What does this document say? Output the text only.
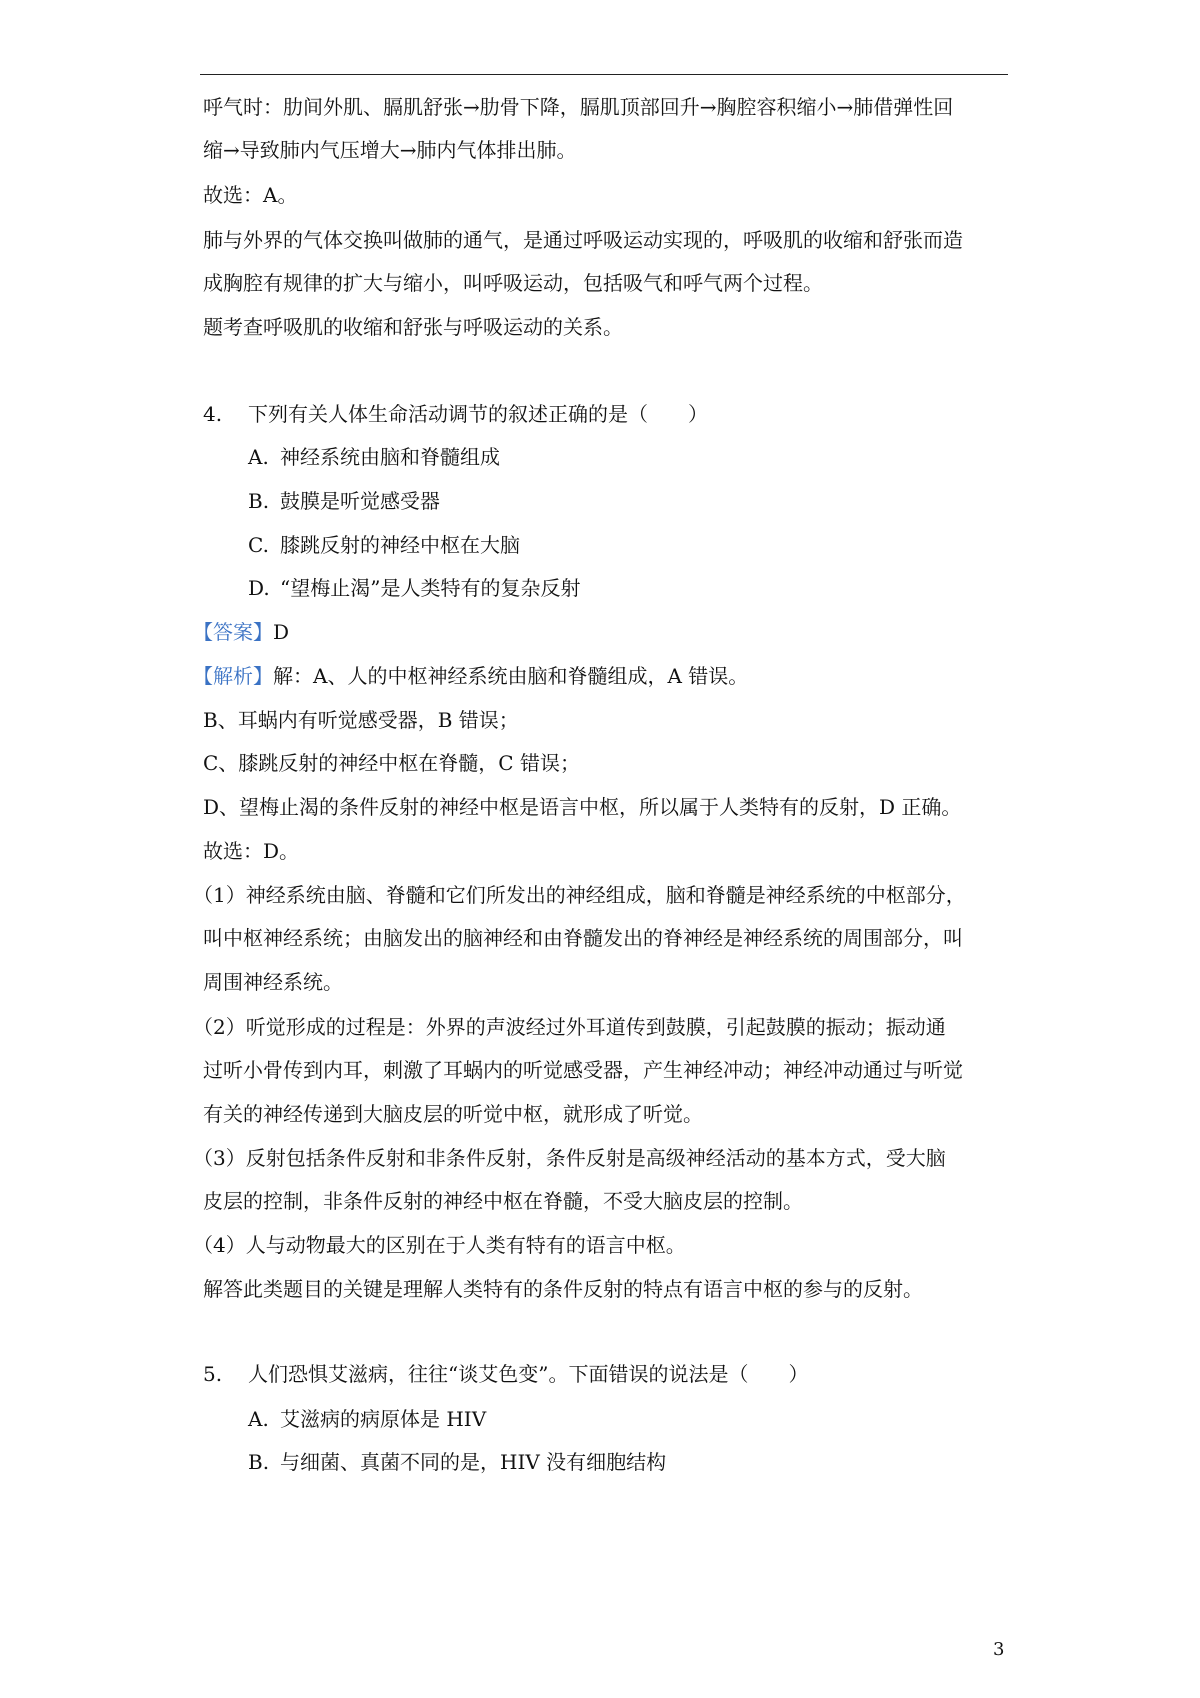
呼气时：肋间外肌、膈肌舒张→肋骨下降，膈肌顶部回升→胸腔容积缩小→肺借弹性回
缩→导致肺内气压增大→肺内气体排出肺。
故选：A。
肺与外界的气体交换叫做肺的通气，是通过呼吸运动实现的，呼吸肌的收缩和舒张而造
成胸腔有规律的扩大与缩小，叫呼吸运动，包括吸气和呼气两个过程。
题考查呼吸肌的收缩和舒张与呼吸运动的关系。
4. 下列有关人体生命活动调节的叙述正确的是（　　）
A. 神经系统由脑和脊髓组成
B. 鼓膜是听觉感受器
C. 膝跳反射的神经中枢在大脑
D. “望梅止渴”是人类特有的复杂反射
【答案】D
【解析】解：A、人的中枢神经系统由脑和脊髓组成，A 错误。
B、耳蜗内有听觉感受器，B 错误；
C、膝跳反射的神经中枢在脊髓，C 错误；
D、望梅止渴的条件反射的神经中枢是语言中枢，所以属于人类特有的反射，D 正确。
故选：D。
（1）神经系统由脑、脊髓和它们所发出的神经组成，脑和脊髓是神经系统的中枢部分，
叫中枢神经系统；由脑发出的脑神经和由脊髓发出的脊神经是神经系统的周围部分，叫
周围神经系统。
（2）听觉形成的过程是：外界的声波经过外耳道传到鼓膜，引起鼓膜的振动；振动通
过听小骨传到内耳，刺激了耳蜗内的听觉感受器，产生神经冲动；神经冲动通过与听觉
有关的神经传递到大脑皮层的听觉中枢，就形成了听觉。
（3）反射包括条件反射和非条件反射，条件反射是高级神经活动的基本方式，受大脑
皮层的控制，非条件反射的神经中枢在脊髓，不受大脑皮层的控制。
（4）人与动物最大的区别在于人类有特有的语言中枢。
解答此类题目的关键是理解人类特有的条件反射的特点有语言中枢的参与的反射。
5. 人们恐惧艾滋病，往往“谈艾色变”。下面错误的说法是（　　）
A. 艾滋病的病原体是 HIV
B. 与细菌、真菌不同的是，HIV 没有细胞结构
3
